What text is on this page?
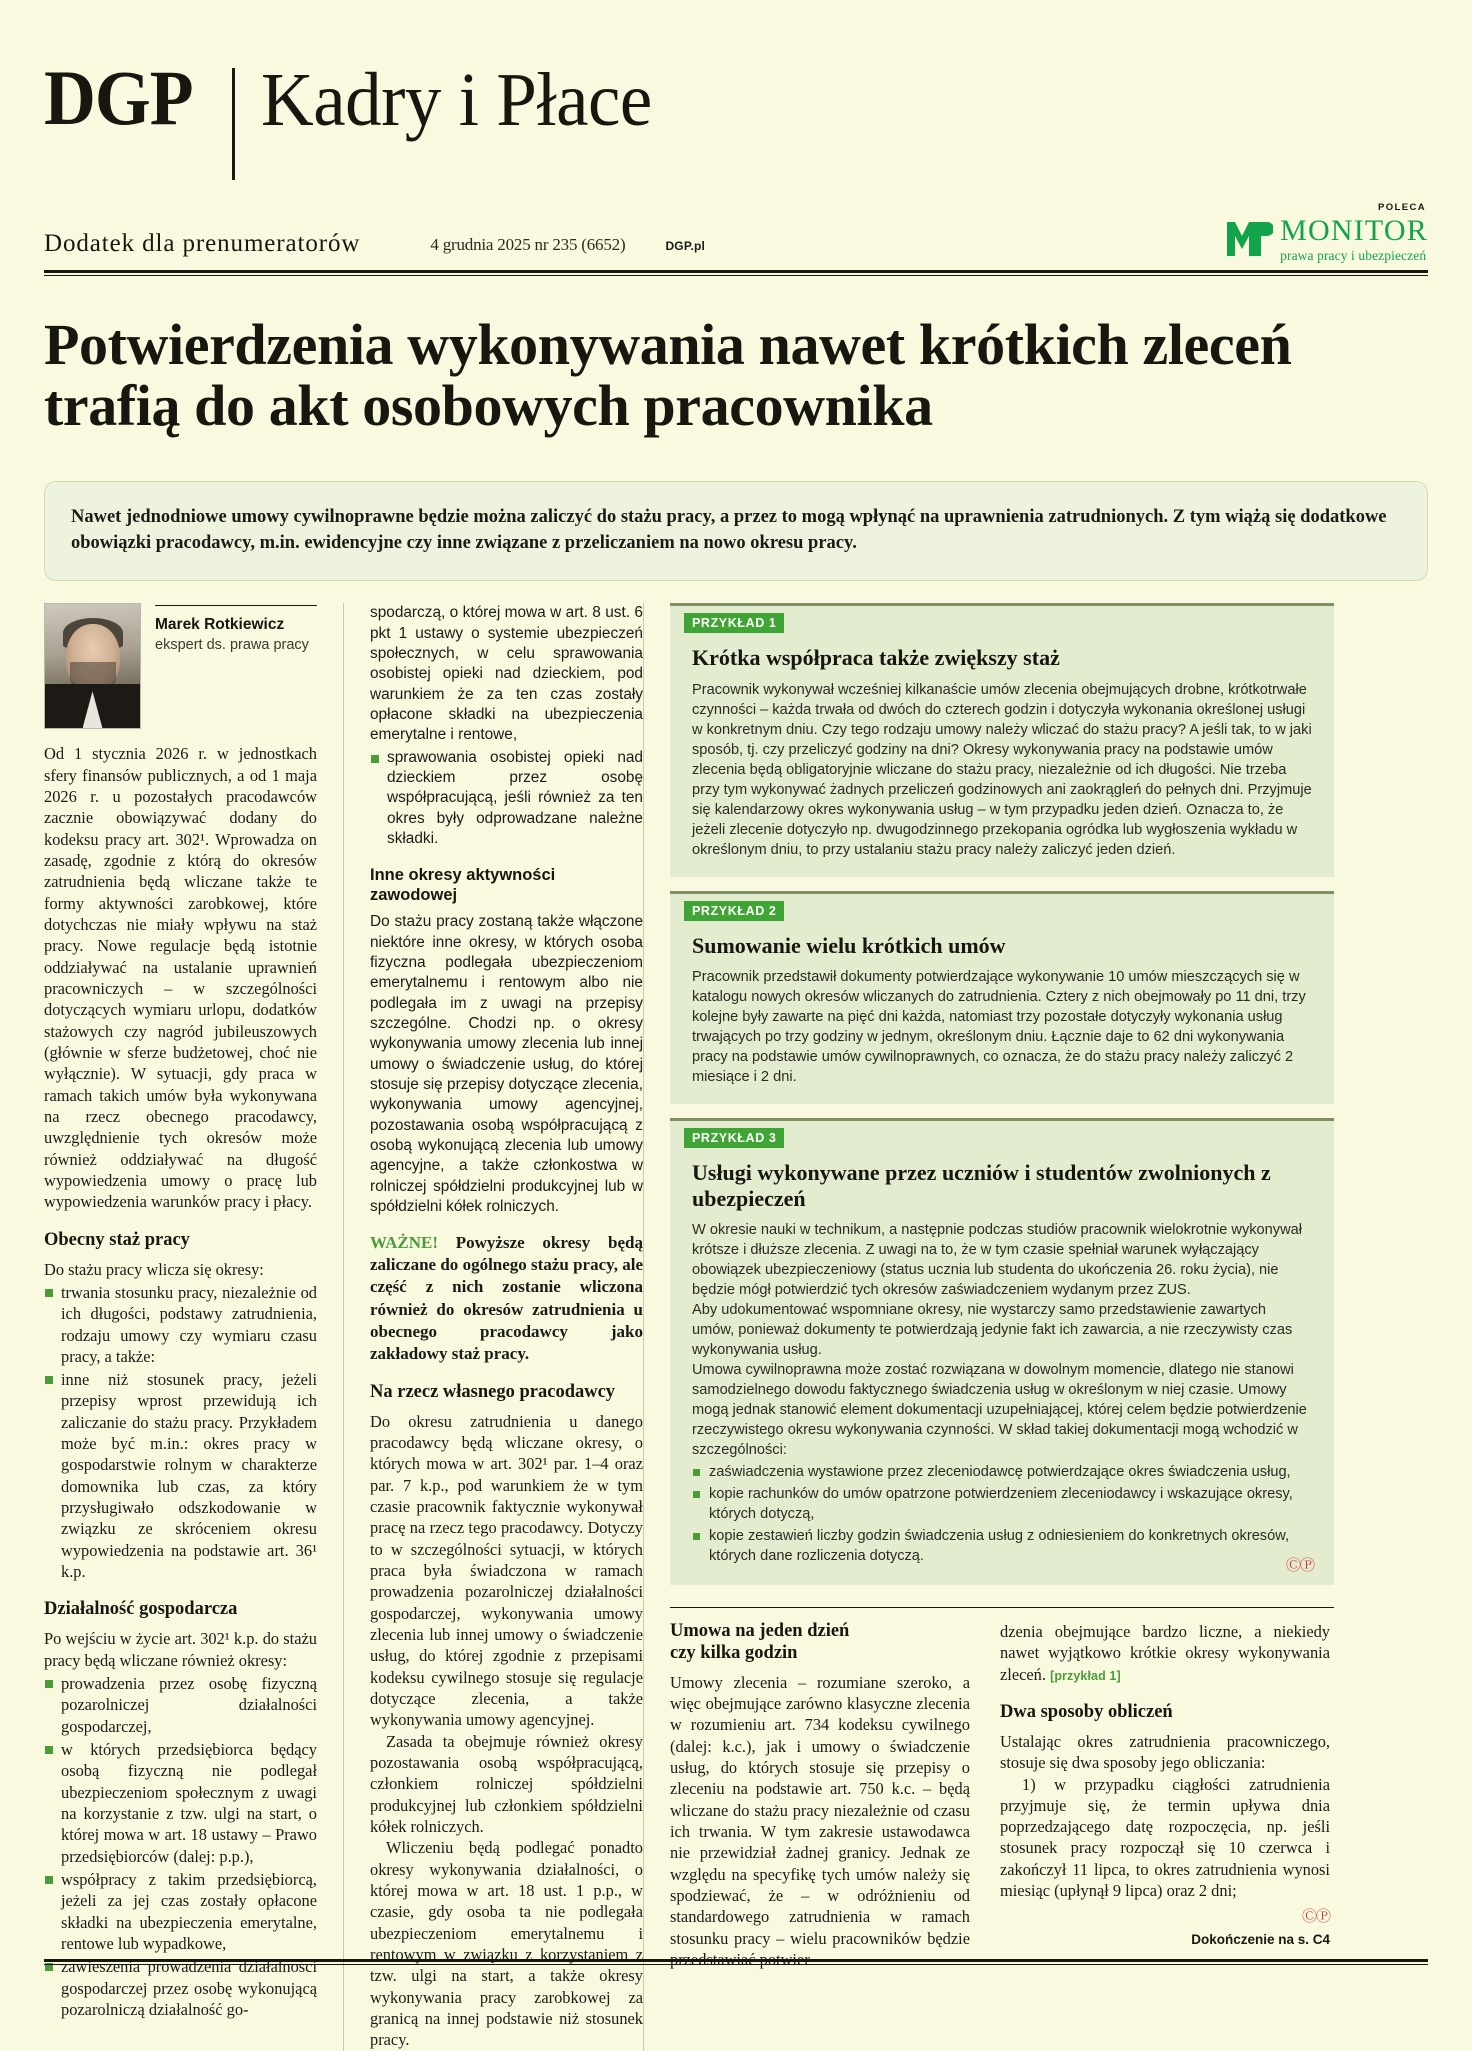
DGP Kadry i Płace
Dodatek dla prenumeratorów	4 grudnia 2025 nr 235 (6652)	DGP.pl
POLECA
MONITOR
prawa pracy i ubezpieczeń
Potwierdzenia wykonywania nawet krótkich zleceń trafią do akt osobowych pracownika
Nawet jednodniowe umowy cywilnoprawne będzie można zaliczyć do stażu pracy, a przez to mogą wpłynąć na uprawnienia zatrudnionych. Z tym wiążą się dodatkowe obowiązki pracodawcy, m.in. ewidencyjne czy inne związane z przeliczaniem na nowo okresu pracy.
Marek Rotkiewicz
ekspert ds. prawa pracy
Od 1 stycznia 2026 r. w jednostkach sfery finansów publicznych, a od 1 maja 2026 r. u pozostałych pracodawców zacznie obowiązywać dodany do kodeksu pracy art. 302¹. Wprowadza on zasadę, zgodnie z którą do okresów zatrudnienia będą wliczane także te formy aktywności zarobkowej, które dotychczas nie miały wpływu na staż pracy. Nowe regulacje będą istotnie oddziaływać na ustalanie uprawnień pracowniczych – w szczególności dotyczących wymiaru urlopu, dodatków stażowych czy nagród jubileuszowych (głównie w sferze budżetowej, choć nie wyłącznie). W sytuacji, gdy praca w ramach takich umów była wykonywana na rzecz obecnego pracodawcy, uwzględnienie tych okresów może również oddziaływać na długość wypowiedzenia umowy o pracę lub wypowiedzenia warunków pracy i płacy.
Obecny staż pracy
Do stażu pracy wlicza się okresy:
trwania stosunku pracy, niezależnie od ich długości, podstawy zatrudnienia, rodzaju umowy czy wymiaru czasu pracy, a także:
inne niż stosunek pracy, jeżeli przepisy wprost przewidują ich zaliczanie do stażu pracy. Przykładem może być m.in.: okres pracy w gospodarstwie rolnym w charakterze domownika lub czas, za który przysługiwało odszkodowanie w związku ze skróceniem okresu wypowiedzenia na podstawie art. 36¹ k.p.
Działalność gospodarcza
Po wejściu w życie art. 302¹ k.p. do stażu pracy będą wliczane również okresy:
prowadzenia przez osobę fizyczną pozarolniczej działalności gospodarczej,
w których przedsiębiorca będący osobą fizyczną nie podlegał ubezpieczeniom społecznym z uwagi na korzystanie z tzw. ulgi na start, o której mowa w art. 18 ustawy – Prawo przedsiębiorców (dalej: p.p.),
współpracy z takim przedsiębiorcą, jeżeli za jej czas zostały opłacone składki na ubezpieczenia emerytalne, rentowe lub wypadkowe,
zawieszenia prowadzenia działalności gospodarczej przez osobę wykonującą pozarolniczą działalność go-
spodarczą, o której mowa w art. 8 ust. 6 pkt 1 ustawy o systemie ubezpieczeń społecznych, w celu sprawowania osobistej opieki nad dzieckiem, pod warunkiem że za ten czas zostały opłacone składki na ubezpieczenia emerytalne i rentowe,
sprawowania osobistej opieki nad dzieckiem przez osobę współpracującą, jeśli również za ten okres były odprowadzane należne składki.
Inne okresy aktywności zawodowej
Do stażu pracy zostaną także włączone niektóre inne okresy, w których osoba fizyczna podlegała ubezpieczeniom emerytalnemu i rentowym albo nie podlegała im z uwagi na przepisy szczególne. Chodzi np. o okresy wykonywania umowy zlecenia lub innej umowy o świadczenie usług, do której stosuje się przepisy dotyczące zlecenia, wykonywania umowy agencyjnej, pozostawania osobą współpracującą z osobą wykonującą zlecenia lub umowy agencyjne, a także członkostwa w rolniczej spółdzielni produkcyjnej lub w spółdzielni kółek rolniczych.
WAŻNE! Powyższe okresy będą zaliczane do ogólnego stażu pracy, ale część z nich zostanie wliczona również do okresów zatrudnienia u obecnego pracodawcy jako zakładowy staż pracy.
Na rzecz własnego pracodawcy
Do okresu zatrudnienia u danego pracodawcy będą wliczane okresy, o których mowa w art. 302¹ par. 1–4 oraz par. 7 k.p., pod warunkiem że w tym czasie pracownik faktycznie wykonywał pracę na rzecz tego pracodawcy. Dotyczy to w szczególności sytuacji, w których praca była świadczona w ramach prowadzenia pozarolniczej działalności gospodarczej, wykonywania umowy zlecenia lub innej umowy o świadczenie usług, do której zgodnie z przepisami kodeksu cywilnego stosuje się regulacje dotyczące zlecenia, a także wykonywania umowy agencyjnej.
Zasada ta obejmuje również okresy pozostawania osobą współpracującą, członkiem rolniczej spółdzielni produkcyjnej lub członkiem spółdzielni kółek rolniczych.
Wliczeniu będą podlegać ponadto okresy wykonywania działalności, o której mowa w art. 18 ust. 1 p.p., w czasie, gdy osoba ta nie podlegała ubezpieczeniom emerytalnemu i rentowym w związku z korzystaniem z tzw. ulgi na start, a także okresy wykonywania pracy zarobkowej za granicą na innej podstawie niż stosunek pracy.
PRZYKŁAD 1
Krótka współpraca także zwiększy staż
Pracownik wykonywał wcześniej kilkanaście umów zlecenia obejmujących drobne, krótkotrwałe czynności – każda trwała od dwóch do czterech godzin i dotyczyła wykonania określonej usługi w konkretnym dniu. Czy tego rodzaju umowy należy wliczać do stażu pracy? A jeśli tak, to w jaki sposób, tj. czy przeliczyć godziny na dni? Okresy wykonywania pracy na podstawie umów zlecenia będą obligatoryjnie wliczane do stażu pracy, niezależnie od ich długości. Nie trzeba przy tym wykonywać żadnych przeliczeń godzinowych ani zaokrągleń do pełnych dni. Przyjmuje się kalendarzowy okres wykonywania usług – w tym przypadku jeden dzień. Oznacza to, że jeżeli zlecenie dotyczyło np. dwugodzinnego przekopania ogródka lub wygłoszenia wykładu w określonym dniu, to przy ustalaniu stażu pracy należy zaliczyć jeden dzień.
PRZYKŁAD 2
Sumowanie wielu krótkich umów
Pracownik przedstawił dokumenty potwierdzające wykonywanie 10 umów mieszczących się w katalogu nowych okresów wliczanych do zatrudnienia. Cztery z nich obejmowały po 11 dni, trzy kolejne były zawarte na pięć dni każda, natomiast trzy pozostałe dotyczyły wykonania usług trwających po trzy godziny w jednym, określonym dniu. Łącznie daje to 62 dni wykonywania pracy na podstawie umów cywilnoprawnych, co oznacza, że do stażu pracy należy zaliczyć 2 miesiące i 2 dni.
PRZYKŁAD 3
Usługi wykonywane przez uczniów i studentów zwolnionych z ubezpieczeń

W okresie nauki w technikum, a następnie podczas studiów pracownik wielokrotnie wykonywał krótsze i dłuższe zlecenia. Z uwagi na to, że w tym czasie spełniał warunek wyłączający obowiązek ubezpieczeniowy (status ucznia lub studenta do ukończenia 26. roku życia), nie będzie mógł potwierdzić tych okresów zaświadczeniem wydanym przez ZUS.

Aby udokumentować wspomniane okresy, nie wystarczy samo przedstawienie zawartych umów, ponieważ dokumenty te potwierdzają jedynie fakt ich zawarcia, a nie rzeczywisty czas wykonywania usług.

Umowa cywilnoprawna może zostać rozwiązana w dowolnym momencie, dlatego nie stanowi samodzielnego dowodu faktycznego świadczenia usług w określonym w niej czasie. Umowy mogą jednak stanowić element dokumentacji uzupełniającej, której celem będzie potwierdzenie rzeczywistego okresu wykonywania czynności. W skład takiej dokumentacji mogą wchodzić w szczególności:

zaświadczenia wystawione przez zleceniodawcę potwierdzające okres świadczenia usług,
kopie rachunków do umów opatrzone potwierdzeniem zleceniodawcy i wskazujące okresy, których dotyczą,
kopie zestawień liczby godzin świadczenia usług z odniesieniem do konkretnych okresów, których dane rozliczenia dotyczą.
ⒸⓅ
Umowa na jeden dzień
czy kilka godzin
Umowy zlecenia – rozumiane szeroko, a więc obejmujące zarówno klasyczne zlecenia w rozumieniu art. 734 kodeksu cywilnego (dalej: k.c.), jak i umowy o świadczenie usług, do których stosuje się przepisy o zleceniu na podstawie art. 750 k.c. – będą wliczane do stażu pracy niezależnie od czasu ich trwania. W tym zakresie ustawodawca nie przewidział żadnej granicy. Jednak ze względu na specyfikę tych umów należy się spodziewać, że – w odróżnieniu od standardowego zatrudnienia w ramach stosunku pracy – wielu pracowników będzie przedstawiać potwier-
dzenia obejmujące bardzo liczne, a niekiedy nawet wyjątkowo krótkie okresy wykonywania zleceń. [przykład 1]
Dwa sposoby obliczeń
Ustalając okres zatrudnienia pracowniczego, stosuje się dwa sposoby jego obliczania:
1) w przypadku ciągłości zatrudnienia przyjmuje się, że termin upływa dnia poprzedzającego datę rozpoczęcia, np. jeśli stosunek pracy rozpoczął się 10 czerwca i zakończył 11 lipca, to okres zatrudnienia wynosi miesiąc (upłynął 9 lipca) oraz 2 dni;
ⒸⓅ
Dokończenie na s. C4
